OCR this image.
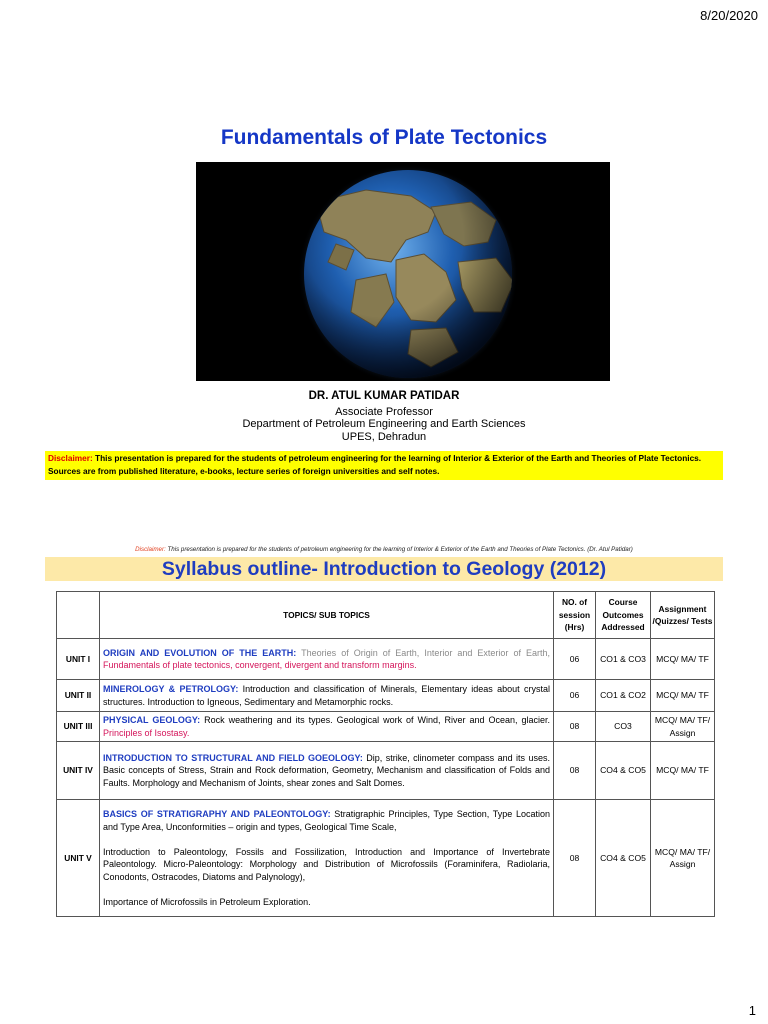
8/20/2020
Fundamentals of Plate Tectonics
DR. ATUL KUMAR PATIDAR
Associate Professor
Department of Petroleum Engineering and Earth Sciences
UPES, Dehradun
Disclaimer: This presentation is prepared for the students of petroleum engineering for the learning of Interior & Exterior of the Earth and Theories of Plate Tectonics. Sources are from published literature, e-books, lecture series of foreign universities and self notes.
Disclaimer: This presentation is prepared for the students of petroleum engineering for the learning of Interior & Exterior of the Earth and Theories of Plate Tectonics. (Dr. Atul Patidar)
Syllabus outline- Introduction to Geology (2012)
	TOPICS/ SUB TOPICS	NO. of session (Hrs)	Course Outcomes Addressed	Assignment /Quizzes/ Tests
UNIT I	ORIGIN AND EVOLUTION OF THE EARTH: Theories of Origin of Earth, Interior and Exterior of Earth, Fundamentals of plate tectonics, convergent, divergent and transform margins.	06	CO1 & CO3	MCQ/ MA/ TF
UNIT II	MINEROLOGY & PETROLOGY: Introduction and classification of Minerals, Elementary ideas about crystal structures. Introduction to Igneous, Sedimentary and Metamorphic rocks.	06	CO1 & CO2	MCQ/ MA/ TF
UNIT III	PHYSICAL GEOLOGY: Rock weathering and its types. Geological work of Wind, River and Ocean, glacier. Principles of Isostasy.	08	CO3	MCQ/ MA/ TF/ Assign
UNIT IV	INTRODUCTION TO STRUCTURAL AND FIELD GOEOLOGY: Dip, strike, clinometer compass and its uses. Basic concepts of Stress, Strain and Rock deformation, Geometry, Mechanism and classification of Folds and Faults. Morphology and Mechanism of Joints, shear zones and Salt Domes.	08	CO4 & CO5	MCQ/ MA/ TF
UNIT V	BASICS OF STRATIGRAPHY AND PALEONTOLOGY: Stratigraphic Principles, Type Section, Type Location and Type Area, Unconformities – origin and types, Geological Time Scale,
Introduction to Paleontology, Fossils and Fossilization, Introduction and Importance of Invertebrate Paleontology. Micro-Paleontology: Morphology and Distribution of Microfossils (Foraminifera, Radiolaria, Conodonts, Ostracodes, Diatoms and Palynology),
Importance of Microfossils in Petroleum Exploration.	08	CO4 & CO5	MCQ/ MA/ TF/ Assign
1
